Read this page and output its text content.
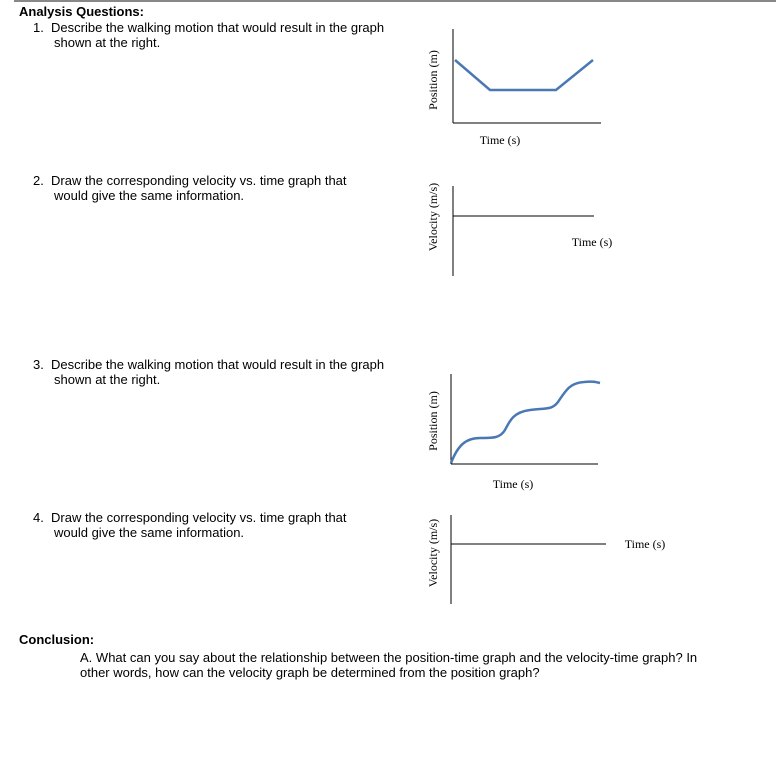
Analysis Questions:
1. Describe the walking motion that would result in the graph
shown at the right.
2. Draw the corresponding velocity vs. time graph that
would give the same information.
3. Describe the walking motion that would result in the graph
shown at the right.
4. Draw the corresponding velocity vs. time graph that
would give the same information.
Position (m)
Time (s)
Velocity (m/s)	Time (s)
Position (m)
Time (s)
Velocity (m/s)	Time (s)
Conclusion:
A. What can you say about the relationship between the position-time graph and the velocity-time graph? In
other words, how can the velocity graph be determined from the position graph?
